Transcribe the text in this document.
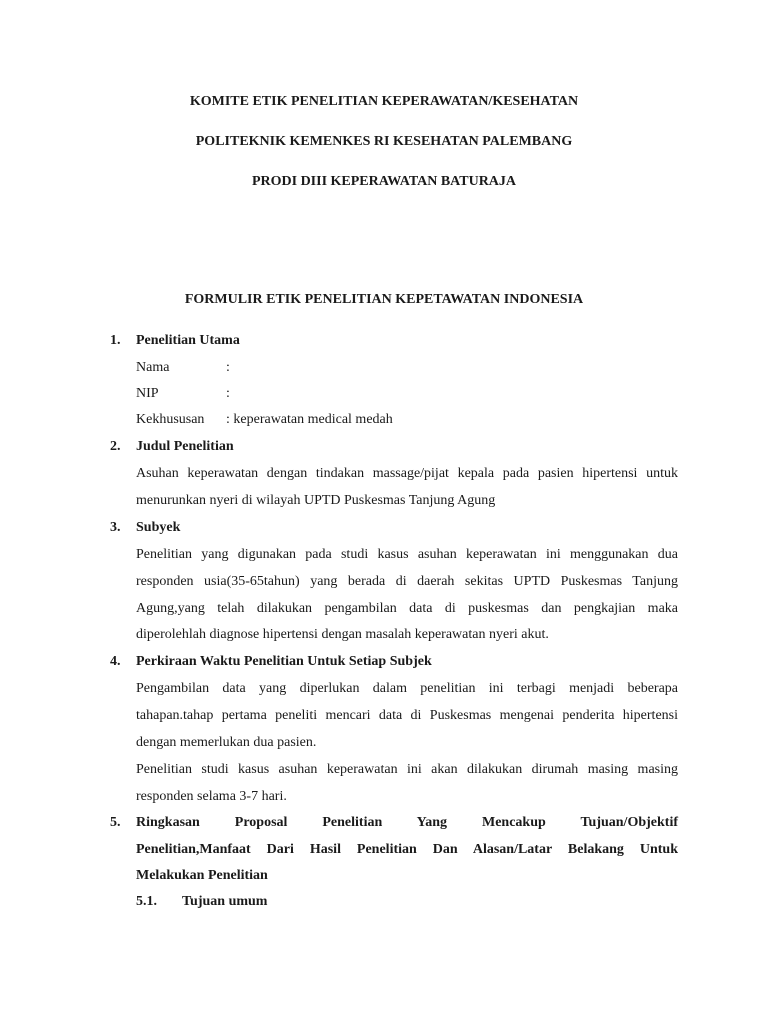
KOMITE ETIK PENELITIAN KEPERAWATAN/KESEHATAN
POLITEKNIK KEMENKES RI KESEHATAN PALEMBANG
PRODI DIII KEPERAWATAN BATURAJA
FORMULIR ETIK PENELITIAN KEPETAWATAN INDONESIA
1. Penelitian Utama
Nama	:
NIP	:
Kekhususan : keperawatan medical medah
2. Judul Penelitian
Asuhan keperawatan dengan tindakan massage/pijat kepala pada pasien hipertensi untuk
menurunkan nyeri di wilayah UPTD Puskesmas Tanjung Agung
3. Subyek
Penelitian yang digunakan pada studi kasus asuhan keperawatan ini menggunakan dua
responden usia(35-65tahun) yang berada di daerah sekitas UPTD Puskesmas Tanjung
Agung,yang telah dilakukan pengambilan data di puskesmas dan pengkajian maka
diperolehlah diagnose hipertensi dengan masalah keperawatan nyeri akut.
4. Perkiraan Waktu Penelitian Untuk Setiap Subjek
Pengambilan data yang diperlukan dalam penelitian ini terbagi menjadi beberapa
tahapan.tahap pertama peneliti mencari data di Puskesmas mengenai penderita hipertensi
dengan memerlukan dua pasien.
Penelitian studi kasus asuhan keperawatan ini akan dilakukan dirumah masing masing
responden selama 3-7 hari.
5. Ringkasan Proposal Penelitian Yang Mencakup Tujuan/Objektif
Penelitian,Manfaat Dari Hasil Penelitian Dan Alasan/Latar Belakang Untuk
Melakukan Penelitian
5.1. Tujuan umum
